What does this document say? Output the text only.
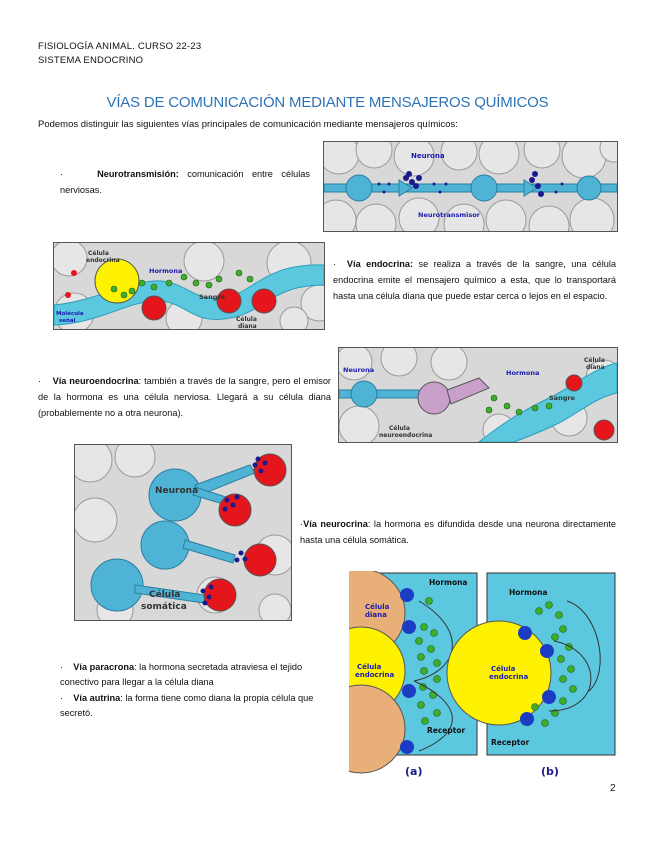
FISIOLOGÍA ANIMAL. CURSO 22-23
SISTEMA ENDOCRINO
VÍAS DE COMUNICACIÓN MEDIANTE MENSAJEROS QUÍMICOS
Podemos distinguir las siguientes vías principales de comunicación mediante mensajeros químicos:
·	Neurotransmisión: comunicación entre células nerviosas.
Neurona
Neurotransmisor
Célula
endocrina
Hormona
Sangre
Célula
diana
Molécula
señal
· Vía endocrina: se realiza a través de la sangre, una célula endocrina emite el mensajero químico a esta, que lo transportará hasta una célula diana que puede estar cerca o lejos en el espacio.
· Vía neuroendocrina: también a través de la sangre, pero el emisor de la hormona es una célula nerviosa. Llegará a su célula diana (probablemente no a otra neurona).
Neurona	Hormona
Célula
diana
Sangre
Célula
neuroendocrina
Neurona
Célula
somática
·Vía neurocrina: la hormona es difundida desde una neurona directamente hasta una célula somática.
· Vía paracrona: la hormona secretada atraviesa el tejido conectivo para llegar a la célula diana
· Vía autrina: la forma tiene como diana la propia célula que secretó.
Hormona
Célula
diana
Célula
endocrina
Receptor
(a)
Hormona
Célula
endocrina
Receptor
(b)
2
